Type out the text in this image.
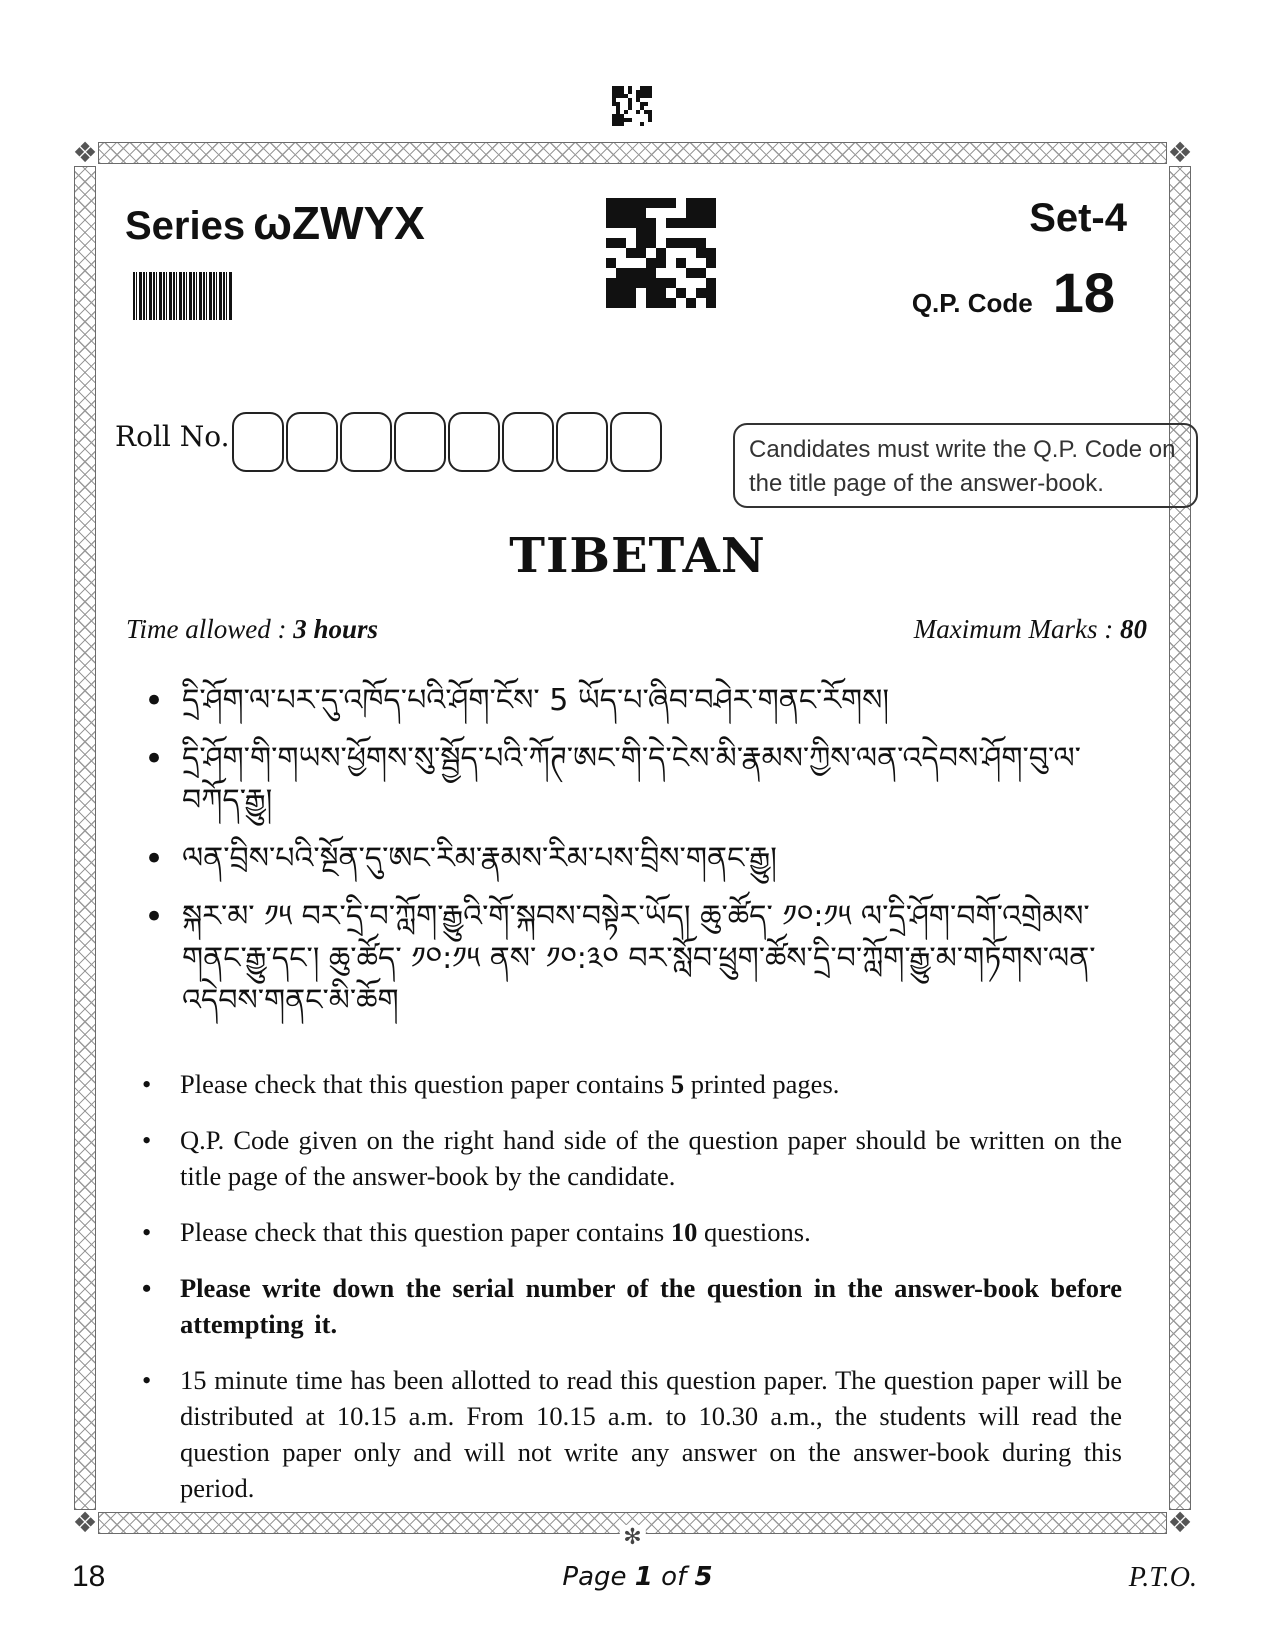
❖	❖
❖	❖
✻
Series ωZWYX	Set-4
Q.P. Code 18
Roll No.	Candidates must write the Q.P. Code on the title page of the answer-book.
TIBETAN
Time allowed : 3 hours	Maximum Marks : 80
• དྲི་ཤོག་ལ་པར་དུ་འཁོད་པའི་ཤོག་ངོས་ 5 ཡོད་པ་ཞིབ་བཤེར་གནང་རོགས།
• དྲི་ཤོག་གི་གཡས་ཕྱོགས་སུ་སྦྱོད་པའི་ཀོཊ་ཨང་གི་དེ་ངེས་མི་རྣམས་ཀྱིས་ལན་འདེབས་ཤོག་བུ་ལ་བཀོད་རྒྱུ།
• ལན་བྲིས་པའི་སྔོན་དུ་ཨང་རིམ་རྣམས་རིམ་པས་བྲིས་གནང་རྒྱུ།
• སྐར་མ་ ༡༥ བར་དྲི་བ་ཀློག་རྒྱུའི་གོ་སྐབས་བསྟེར་ཡོད། ཆུ་ཚོད་ ༡༠:༡༥ ལ་དྲི་ཤོག་བགོ་འགྲེམས་གནང་རྒྱུ་དང་། ཆུ་ཚོད་ ༡༠:༡༥ ནས་ ༡༠:༣༠ བར་སློབ་ཕྲུག་ཚོས་དྲི་བ་ཀློག་རྒྱུ་མ་གཏོགས་ལན་འདེབས་གནང་མི་ཆོག
• Please check that this question paper contains 5 printed pages.
• Q.P. Code given on the right hand side of the question paper should be written on the title page of the answer-book by the candidate.
• Please check that this question paper contains 10 questions.
• Please write down the serial number of the question in the answer-book before attempting it.
• 15 minute time has been allotted to read this question paper. The question paper will be distributed at 10.15 a.m. From 10.15 a.m. to 10.30 a.m., the students will read the question paper only and will not write any answer on the answer-book during this period.
18	Page 1 of 5	P.T.O.
